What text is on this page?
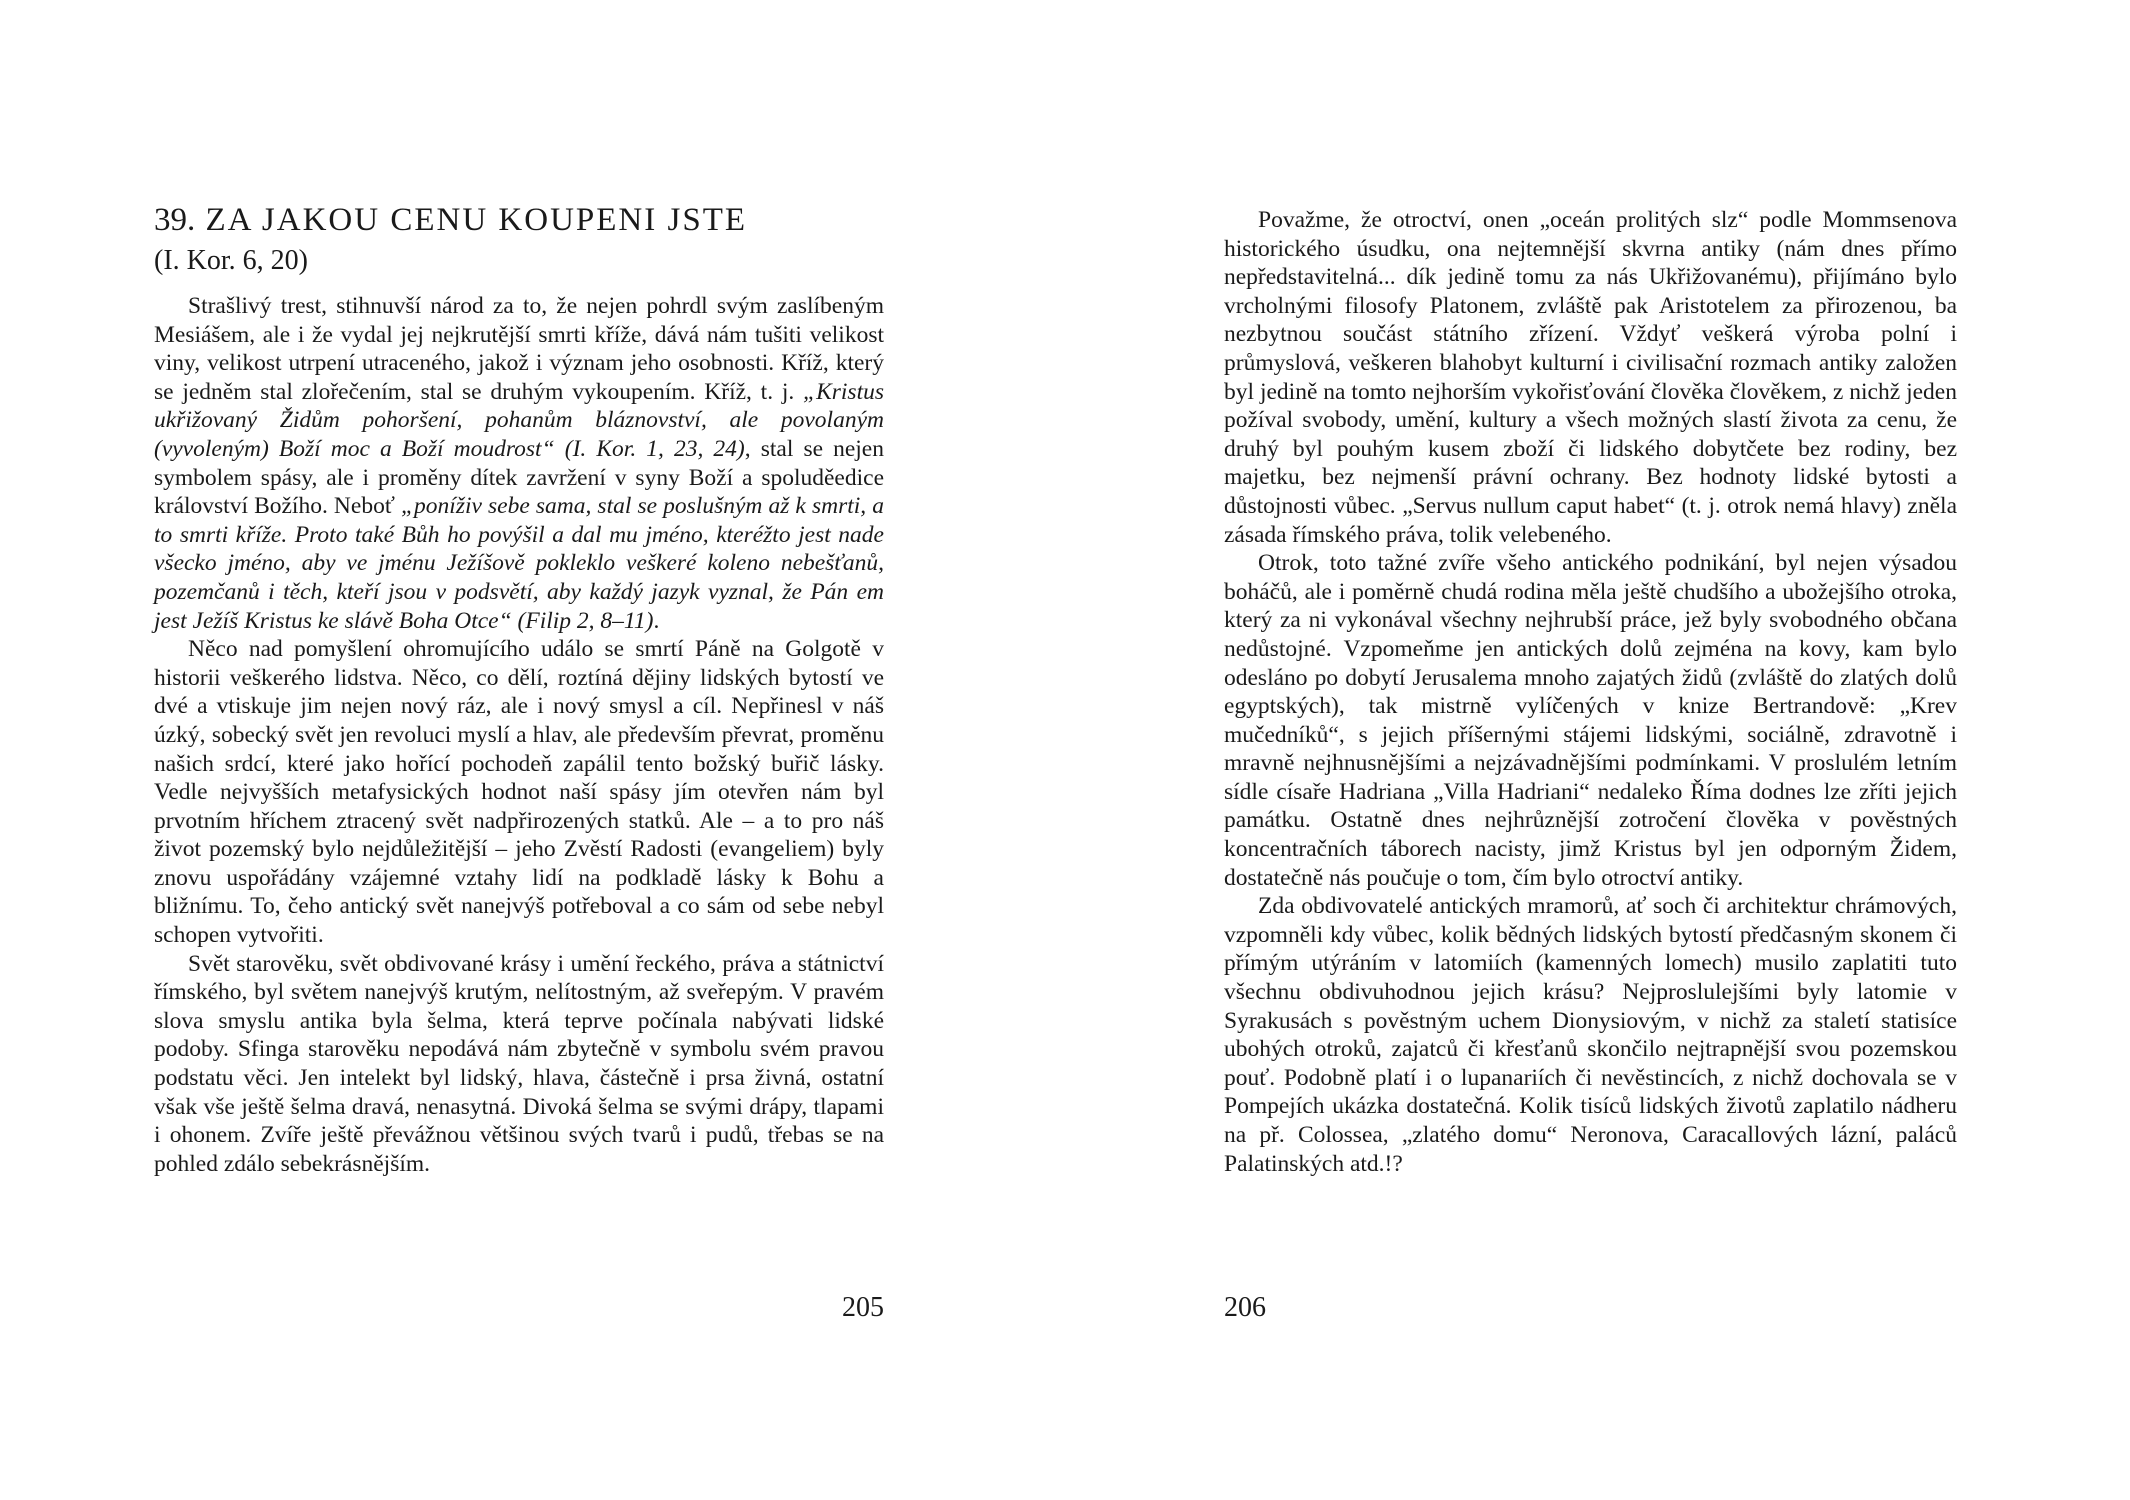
39. ZA JAKOU CENU KOUPENI JSTE
(I. Kor. 6, 20)

Strašlivý trest, stihnuvší národ za to, že nejen pohrdl svým zaslíbeným Mesiášem, ale i že vydal jej nejkrutější smrti kříže, dává nám tušiti velikost viny, velikost utrpení utraceného, jakož i význam jeho osobnosti. Kříž, který se jedněm stal zlořečením, stal se druhým vykoupením. Kříž, t. j. „Kristus ukřižovaný Židům pohoršení, pohanům bláznovství, ale povolaným (vyvoleným) Boží moc a Boží moudrost“ (I. Kor. 1, 23, 24), stal se nejen symbolem spásy, ale i proměny dítek zavržení v syny Boží a spoluděedice království Božího. Neboť „poníživ sebe sama, stal se poslušným až k smrti, a to smrti kříže. Proto také Bůh ho povýšil a dal mu jméno, kteréžto jest nade všecko jméno, aby ve jménu Ježíšově pokleklo veškeré koleno nebešťanů, pozemčanů i těch, kteří jsou v podsvětí, aby každý jazyk vyznal, že Pán em jest Ježíš Kristus ke slávě Boha Otce“ (Filip 2, 8–11).

Něco nad pomyšlení ohromujícího událo se smrtí Páně na Golgotě v historii veškerého lidstva. Něco, co dělí, roztíná dějiny lidských bytostí ve dvé a vtiskuje jim nejen nový ráz, ale i nový smysl a cíl. Nepřinesl v náš úzký, sobecký svět jen revoluci myslí a hlav, ale především převrat, proměnu našich srdcí, které jako hořící pochodeň zapálil tento božský buřič lásky. Vedle nejvyšších metafysických hodnot naší spásy jím otevřen nám byl prvotním hříchem ztracený svět nadpřirozených statků. Ale – a to pro náš život pozemský bylo nejdůležitější – jeho Zvěstí Radosti (evangeliem) byly znovu uspořádány vzájemné vztahy lidí na podkladě lásky k Bohu a bližnímu. To, čeho antický svět nanejvýš potřeboval a co sám od sebe nebyl schopen vytvořiti.

Svět starověku, svět obdivované krásy i umění řeckého, práva a státnictví římského, byl světem nanejvýš krutým, nelítostným, až sveřepým. V pravém slova smyslu antika byla šelma, která teprve počínala nabývati lidské podoby. Sfinga starověku nepodává nám zbytečně v symbolu svém pravou podstatu věci. Jen intelekt byl lidský, hlava, částečně i prsa živná, ostatní však vše ještě šelma dravá, nenasytná. Divoká šelma se svými drápy, tlapami i ohonem. Zvíře ještě převážnou většinou svých tvarů i pudů, třebas se na pohled zdálo sebekrásnějším.

205

Považme, že otroctví, onen „oceán prolitých slz“ podle Mommsenova historického úsudku, ona nejtemnější skvrna antiky (nám dnes přímo nepředstavitelná... dík jedině tomu za nás Ukřižovanému), přijímáno bylo vrcholnými filosofy Platonem, zvláště pak Aristotelem za přirozenou, ba nezbytnou součást státního zřízení. Vždyť veškerá výroba polní i průmyslová, veškeren blahobyt kulturní i civilisační rozmach antiky založen byl jedině na tomto nejhorším vykořisťování člověka člověkem, z nichž jeden požíval svobody, umění, kultury a všech možných slastí života za cenu, že druhý byl pouhým kusem zboží či lidského dobytčete bez rodiny, bez majetku, bez nejmenší právní ochrany. Bez hodnoty lidské bytosti a důstojnosti vůbec. „Servus nullum caput habet“ (t. j. otrok nemá hlavy) zněla zásada římského práva, tolik velebeného.

Otrok, toto tažné zvíře všeho antického podnikání, byl nejen výsadou boháčů, ale i poměrně chudá rodina měla ještě chudšího a ubožejšího otroka, který za ni vykonával všechny nejhrubší práce, jež byly svobodného občana nedůstojné. Vzpomeňme jen antických dolů zejména na kovy, kam bylo odesláno po dobytí Jerusalema mnoho zajatých židů (zvláště do zlatých dolů egyptských), tak mistrně vylíčených v knize Bertrandově: „Krev mučedníků“, s jejich příšernými stájemi lidskými, sociálně, zdravotně i mravně nejhnusnějšími a nejzávadnějšími podmínkami. V proslulém letním sídle císaře Hadriana „Villa Hadriani“ nedaleko Říma dodnes lze zříti jejich památku. Ostatně dnes nejhrůznější zotročení člověka v pověstných koncentračních táborech nacisty, jimž Kristus byl jen odporným Židem, dostatečně nás poučuje o tom, čím bylo otroctví antiky.

Zda obdivovatelé antických mramorů, ať soch či architektur chrámových, vzpomněli kdy vůbec, kolik bědných lidských bytostí předčasným skonem či přímým utýráním v latomiích (kamenných lomech) musilo zaplatiti tuto všechnu obdivuhodnou jejich krásu? Nejproslulejšími byly latomie v Syrakusách s pověstným uchem Dionysiovým, v nichž za staletí statisíce ubohých otroků, zajatců či křesťanů skončilo nejtrapnější svou pozemskou pouť. Podobně platí i o lupanariích či nevěstincích, z nichž dochovala se v Pompejích ukázka dostatečná. Kolik tisíců lidských životů zaplatilo nádheru na př. Colossea, „zlatého domu“ Neronova, Caracallových lázní, paláců Palatinských atd.!?

206
